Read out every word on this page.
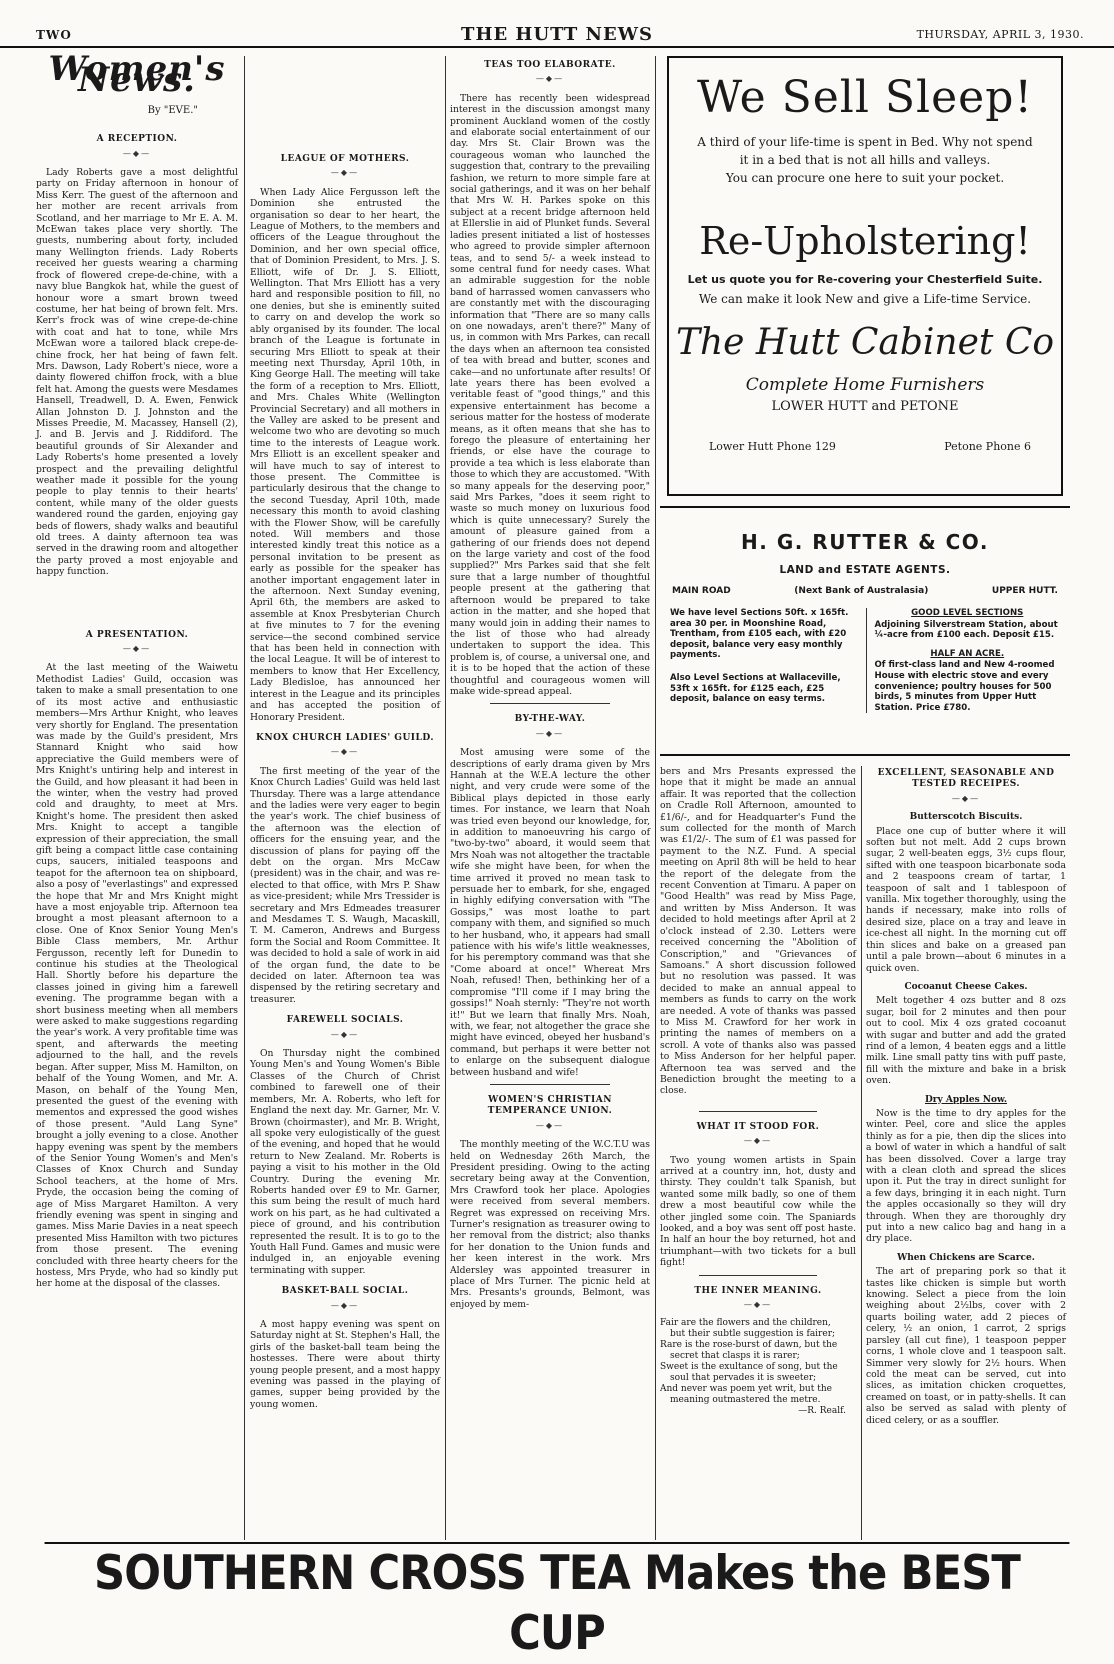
TWO	THE HUTT NEWS	THURSDAY, APRIL 3, 1930.
Women's News.
By "EVE."
A RECEPTION.
—◆—

Lady Roberts gave a most delightful party on Friday afternoon in honour of Miss Kerr. The guest of the afternoon and her mother are recent arrivals from Scotland, and her marriage to Mr E. A. M. McEwan takes place very shortly. The guests, numbering about forty, included many Wellington friends. Lady Roberts received her guests wearing a charming frock of flowered crepe-de-chine, with a navy blue Bangkok hat, while the guest of honour wore a smart brown tweed costume, her hat being of brown felt. Mrs. Kerr's frock was of wine crepe-de-chine with coat and hat to tone, while Mrs McEwan wore a tailored black crepe-de-chine frock, her hat being of fawn felt. Mrs. Dawson, Lady Robert's niece, wore a dainty flowered chiffon frock, with a blue felt hat. Among the guests were Mesdames Hansell, Treadwell, D. A. Ewen, Fenwick Allan Johnston D. J. Johnston and the Misses Preedie, M. Macassey, Hansell (2), J. and B. Jervis and J. Riddiford. The beautiful grounds of Sir Alexander and Lady Roberts's home presented a lovely prospect and the prevailing delightful weather made it possible for the young people to play tennis to their hearts' content, while many of the older guests wandered round the garden, enjoying gay beds of flowers, shady walks and beautiful old trees. A dainty afternoon tea was served in the drawing room and altogether the party proved a most enjoyable and happy function.

A PRESENTATION.
—◆—

At the last meeting of the Waiwetu Methodist Ladies' Guild, occasion was taken to make a small presentation to one of its most active and enthusiastic members—Mrs Arthur Knight, who leaves very shortly for England. The presentation was made by the Guild's president, Mrs Stannard Knight who said how appreciative the Guild members were of Mrs Knight's untiring help and interest in the Guild, and how pleasant it had been in the winter, when the vestry had proved cold and draughty, to meet at Mrs. Knight's home. The president then asked Mrs. Knight to accept a tangible expression of their appreciation, the small gift being a compact little case containing cups, saucers, initialed teaspoons and teapot for the afternoon tea on shipboard, also a posy of "everlastings" and expressed the hope that Mr and Mrs Knight might have a most enjoyable trip. Afternoon tea brought a most pleasant afternoon to a close. One of Knox Senior Young Men's Bible Class members, Mr. Arthur Fergusson, recently left for Dunedin to continue his studies at the Theological Hall. Shortly before his departure the classes joined in giving him a farewell evening. The programme began with a short business meeting when all members were asked to make suggestions regarding the year's work. A very profitable time was spent, and afterwards the meeting adjourned to the hall, and the revels began. After supper, Miss M. Hamilton, on behalf of the Young Women, and Mr. A. Mason, on behalf of the Young Men, presented the guest of the evening with mementos and expressed the good wishes of those present. "Auld Lang Syne" brought a jolly evening to a close. Another happy evening was spent by the members of the Senior Young Women's and Men's Classes of Knox Church and Sunday School teachers, at the home of Mrs. Pryde, the occasion being the coming of age of Miss Margaret Hamilton. A very friendly evening was spent in singing and games. Miss Marie Davies in a neat speech presented Miss Hamilton with two pictures from those present. The evening concluded with three hearty cheers for the hostess, Mrs Pryde, who had so kindly put her home at the disposal of the classes.

LEAGUE OF MOTHERS.
—◆—

When Lady Alice Fergusson left the Dominion she entrusted the organisation so dear to her heart, the League of Mothers, to the members and officers of the League throughout the Dominion, and her own special office, that of Dominion President, to Mrs. J. S. Elliott, wife of Dr. J. S. Elliott, Wellington. That Mrs Elliott has a very hard and responsible position to fill, no one denies, but she is eminently suited to carry on and develop the work so ably organised by its founder. The local branch of the League is fortunate in securing Mrs Elliott to speak at their meeting next Thursday, April 10th, in King George Hall. The meeting will take the form of a reception to Mrs. Elliott, and Mrs. Chales White (Wellington Provincial Secretary) and all mothers in the Valley are asked to be present and welcome two who are devoting so much time to the interests of League work. Mrs Elliott is an excellent speaker and will have much to say of interest to those present. The Committee is particularly desirous that the change to the second Tuesday, April 10th, made necessary this month to avoid clashing with the Flower Show, will be carefully noted. Will members and those interested kindly treat this notice as a personal invitation to be present as early as possible for the speaker has another important engagement later in the afternoon. Next Sunday evening, April 6th, the members are asked to assemble at Knox Presbyterian Church at five minutes to 7 for the evening service—the second combined service that has been held in connection with the local League. It will be of interest to members to know that Her Excellency, Lady Bledisloe, has announced her interest in the League and its principles and has accepted the position of Honorary President.

KNOX CHURCH LADIES' GUILD.
—◆—

The first meeting of the year of the Knox Church Ladies' Guild was held last Thursday. There was a large attendance and the ladies were very eager to begin the year's work. The chief business of the afternoon was the election of officers for the ensuing year, and the discussion of plans for paying off the debt on the organ. Mrs McCaw (president) was in the chair, and was re-elected to that office, with Mrs P. Shaw as vice-president; while Mrs Tressider is secretary and Mrs Edmeades treasurer and Mesdames T. S. Waugh, Macaskill, T. M. Cameron, Andrews and Burgess form the Social and Room Committee. It was decided to hold a sale of work in aid of the organ fund, the date to be decided on later. Afternoon tea was dispensed by the retiring secretary and treasurer.

FAREWELL SOCIALS.
—◆—

On Thursday night the combined Young Men's and Young Women's Bible Classes of the Church of Christ combined to farewell one of their members, Mr. A. Roberts, who left for England the next day. Mr. Garner, Mr. V. Brown (choirmaster), and Mr. B. Wright, all spoke very eulogistically of the guest of the evening, and hoped that he would return to New Zealand. Mr. Roberts is paying a visit to his mother in the Old Country. During the evening Mr. Roberts handed over £9 to Mr. Garner, this sum being the result of much hard work on his part, as he had cultivated a piece of ground, and his contribution represented the result. It is to go to the Youth Hall Fund. Games and music were indulged in, an enjoyable evening terminating with supper.

BASKET-BALL SOCIAL.
—◆—

A most happy evening was spent on Saturday night at St. Stephen's Hall, the girls of the basket-ball team being the hostesses. There were about thirty young people present, and a most happy evening was passed in the playing of games, supper being provided by the young women.

TEAS TOO ELABORATE.
—◆—

There has recently been widespread interest in the discussion amongst many prominent Auckland women of the costly and elaborate social entertainment of our day. Mrs St. Clair Brown was the courageous woman who launched the suggestion that, contrary to the prevailing fashion, we return to more simple fare at social gatherings, and it was on her behalf that Mrs W. H. Parkes spoke on this subject at a recent bridge afternoon held at Ellerslie in aid of Plunket funds. Several ladies present initiated a list of hostesses who agreed to provide simpler afternoon teas, and to send 5/- a week instead to some central fund for needy cases. What an admirable suggestion for the noble band of harrassed women canvassers who are constantly met with the discouraging information that "There are so many calls on one nowadays, aren't there?" Many of us, in common with Mrs Parkes, can recall the days when an afternoon tea consisted of tea with bread and butter, scones and cake—and no unfortunate after results! Of late years there has been evolved a veritable feast of "good things," and this expensive entertainment has become a serious matter for the hostess of moderate means, as it often means that she has to forego the pleasure of entertaining her friends, or else have the courage to provide a tea which is less elaborate than those to which they are accustomed. "With so many appeals for the deserving poor," said Mrs Parkes, "does it seem right to waste so much money on luxurious food which is quite unnecessary? Surely the amount of pleasure gained from a gathering of our friends does not depend on the large variety and cost of the food supplied?" Mrs Parkes said that she felt sure that a large number of thoughtful people present at the gathering that afternoon would be prepared to take action in the matter, and she hoped that many would join in adding their names to the list of those who had already undertaken to support the idea. This problem is, of course, a universal one, and it is to be hoped that the action of these thoughtful and courageous women will make wide-spread appeal.

BY-THE-WAY.
—◆—

Most amusing were some of the descriptions of early drama given by Mrs Hannah at the W.E.A lecture the other night, and very crude were some of the Biblical plays depicted in those early times. For instance, we learn that Noah was tried even beyond our knowledge, for, in addition to manoeuvring his cargo of "two-by-two" aboard, it would seem that Mrs Noah was not altogether the tractable wife she might have been, for when the time arrived it proved no mean task to persuade her to embark, for she, engaged in highly edifying conversation with "The Gossips," was most loathe to part company with them, and signified so much to her husband, who, it appears had small patience with his wife's little weaknesses, for his peremptory command was that she "Come aboard at once!" Whereat Mrs Noah, refused! Then, bethinking her of a compromise "I'll come if I may bring the gossips!" Noah sternly: "They're not worth it!" But we learn that finally Mrs. Noah, with, we fear, not altogether the grace she might have evinced, obeyed her husband's command, but perhaps it were better not to enlarge on the subsequent dialogue between husband and wife!

WOMEN'S CHRISTIAN TEMPERANCE UNION.
—◆—

The monthly meeting of the W.C.T.U was held on Wednesday 26th March, the President presiding. Owing to the acting secretary being away at the Convention, Mrs Crawford took her place. Apologies were received from several members. Regret was expressed on receiving Mrs. Turner's resignation as treasurer owing to her removal from the district; also thanks for her donation to the Union funds and her keen interest in the work. Mrs Aldersley was appointed treasurer in place of Mrs Turner. The picnic held at Mrs. Presants's grounds, Belmont, was enjoyed by mem-

We Sell Sleep!
A third of your life-time is spent in Bed. Why not spend
it in a bed that is not all hills and valleys.
You can procure one here to suit your pocket.
Re-Upholstering!
Let us quote you for Re-covering your Chesterfield Suite.
We can make it look New and give a Life-time Service.
The Hutt Cabinet Co
Complete Home Furnishers
LOWER HUTT and PETONE
Lower Hutt Phone 129	Petone Phone 6
H. G. RUTTER & CO.
LAND and ESTATE AGENTS.
MAIN ROAD	(Next Bank of Australasia)	UPPER HUTT.

We have level Sections 50ft. x 165ft. area 30 per. in Moonshine Road, Trentham, from £105 each, with £20 deposit, balance very easy monthly payments.

Also Level Sections at Wallaceville, 53ft x 165ft. for £125 each, £25 deposit, balance on easy terms.

GOOD LEVEL SECTIONS

Adjoining Silverstream Station, about ¼-acre from £100 each. Deposit £15.

HALF AN ACRE.

Of first-class land and New 4-roomed House with electric stove and every convenience; poultry houses for 500 birds, 5 minutes from Upper Hutt Station. Price £780.

bers and Mrs Presants expressed the hope that it might be made an annual affair. It was reported that the collection on Cradle Roll Afternoon, amounted to £1/6/-, and for Headquarter's Fund the sum collected for the month of March was £1/2/-. The sum of £1 was passed for payment to the N.Z. Fund. A special meeting on April 8th will be held to hear the report of the delegate from the recent Convention at Timaru. A paper on "Good Health" was read by Miss Page, and written by Miss Anderson. It was decided to hold meetings after April at 2 o'clock instead of 2.30. Letters were received concerning the "Abolition of Conscription," and "Grievances of Samoans." A short discussion followed but no resolution was passed. It was decided to make an annual appeal to members as funds to carry on the work are needed. A vote of thanks was passed to Miss M. Crawford for her work in printing the names of members on a scroll. A vote of thanks also was passed to Miss Anderson for her helpful paper. Afternoon tea was served and the Benediction brought the meeting to a close.

WHAT IT STOOD FOR.
—◆—

Two young women artists in Spain arrived at a country inn, hot, dusty and thirsty. They couldn't talk Spanish, but wanted some milk badly, so one of them drew a most beautiful cow while the other jingled some coin. The Spaniards looked, and a boy was sent off post haste. In half an hour the boy returned, hot and triumphant—with two tickets for a bull fight!

THE INNER MEANING.
—◆—
Fair are the flowers and the children,
but their subtle suggestion is fairer;
Rare is the rose-burst of dawn, but the
secret that clasps it is rarer;
Sweet is the exultance of song, but the
soul that pervades it is sweeter;
And never was poem yet writ, but the
meaning outmastered the metre.
—R. Realf.
EXCELLENT, SEASONABLE AND TESTED RECEIPES.
—◆—
Butterscotch Biscuits.

Place one cup of butter where it will soften but not melt. Add 2 cups brown sugar, 2 well-beaten eggs, 3½ cups flour, sifted with one teaspoon bicarbonate soda and 2 teaspoons cream of tartar, 1 teaspoon of salt and 1 tablespoon of vanilla. Mix together thoroughly, using the hands if necessary, make into rolls of desired size, place on a tray and leave in ice-chest all night. In the morning cut off thin slices and bake on a greased pan until a pale brown—about 6 minutes in a quick oven.

Cocoanut Cheese Cakes.

Melt together 4 ozs butter and 8 ozs sugar, boil for 2 minutes and then pour out to cool. Mix 4 ozs grated cocoanut with sugar and butter and add the grated rind of a lemon, 4 beaten eggs and a little milk. Line small patty tins with puff paste, fill with the mixture and bake in a brisk oven.

Dry Apples Now.

Now is the time to dry apples for the winter. Peel, core and slice the apples thinly as for a pie, then dip the slices into a bowl of water in which a handful of salt has been dissolved. Cover a large tray with a clean cloth and spread the slices upon it. Put the tray in direct sunlight for a few days, bringing it in each night. Turn the apples occasionally so they will dry through. When they are thoroughly dry put into a new calico bag and hang in a dry place.

When Chickens are Scarce.

The art of preparing pork so that it tastes like chicken is simple but worth knowing. Select a piece from the loin weighing about 2½lbs, cover with 2 quarts boiling water, add 2 pieces of celery, ½ an onion, 1 carrot, 2 sprigs parsley (all cut fine), 1 teaspoon pepper corns, 1 whole clove and 1 teaspoon salt. Simmer very slowly for 2½ hours. When cold the meat can be served, cut into slices, as imitation chicken croquettes, creamed on toast, or in patty-shells. It can also be served as salad with plenty of diced celery, or as a souffler.

SOUTHERN CROSS TEA Makes the BEST CUP
